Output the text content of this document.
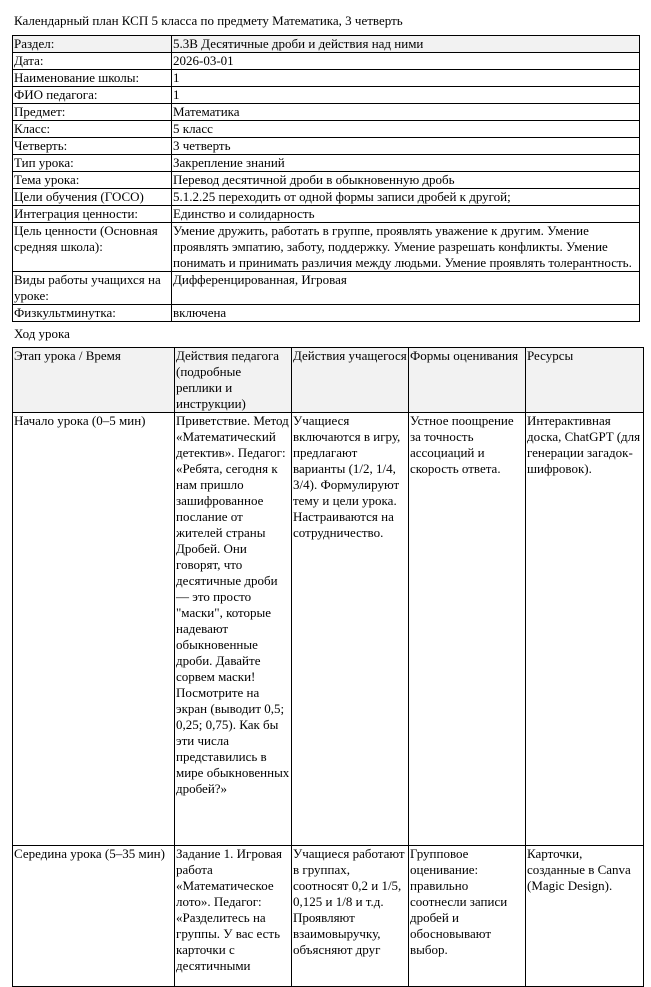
Календарный план КСП 5 класса по предмету Математика, 3 четверть
Раздел:	5.3В Десятичные дроби и действия над ними
Дата:	2026-03-01
Наименование школы:	1
ФИО педагога:	1
Предмет:	Математика
Класс:	5 класс
Четверть:	3 четверть
Тип урока:	Закрепление знаний
Тема урока:	Перевод десятичной дроби в обыкновенную дробь
Цели обучения (ГОСО)	5.1.2.25 переходить от одной формы записи дробей к другой;
Интеграция ценности:	Единство и солидарность
Цель ценности (Основная средняя школа):	Умение дружить, работать в группе, проявлять уважение к другим. Умение проявлять эмпатию, заботу, поддержку. Умение разрешать конфликты. Умение понимать и принимать различия между людьми. Умение проявлять толерантность.
Виды работы учащихся на уроке:	Дифференцированная, Игровая
Физкультминутка:	включена
Ход урока
Этап урока / Время	Действия педагога (подробные реплики и инструкции)	Действия учащегося	Формы оценивания	Ресурсы
Начало урока (0–5 мин)	Приветствие. Метод «Математический детектив». Педагог: «Ребята, сегодня к нам пришло зашифрованное послание от жителей страны Дробей. Они говорят, что десятичные дроби — это просто "маски", которые надевают обыкновенные дроби. Давайте сорвем маски! Посмотрите на экран (выводит 0,5; 0,25; 0,75). Как бы эти числа представились в мире обыкновенных дробей?»	Учащиеся включаются в игру, предлагают варианты (1/2, 1/4, 3/4). Формулируют тему и цели урока. Настраиваются на сотрудничество.	Устное поощрение за точность ассоциаций и скорость ответа.	Интерактивная доска, ChatGPT (для генерации загадок-шифровок).
Середина урока (5–35 мин)	Задание 1. Игровая работа «Математическое лото». Педагог: «Разделитесь на группы. У вас есть карточки с десятичными	Учащиеся работают в группах, соотносят 0,2 и 1/5, 0,125 и 1/8 и т.д. Проявляют взаимовыручку, объясняют друг	Групповое оценивание: правильно соотнесли записи дробей и обосновывают выбор.	Карточки, созданные в Canva (Magic Design).
